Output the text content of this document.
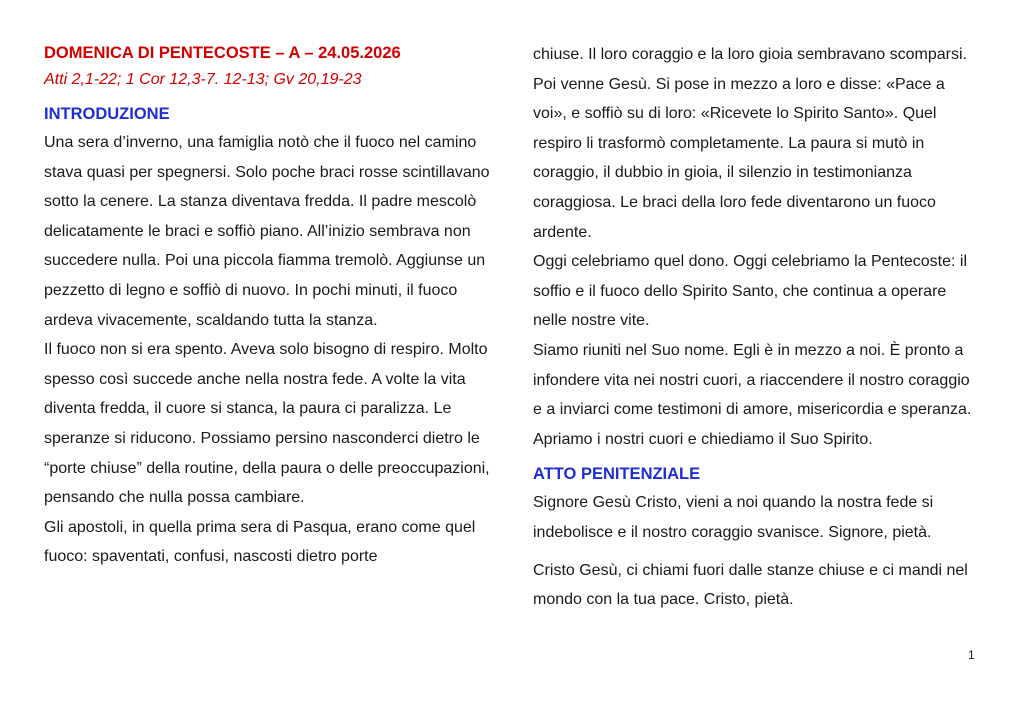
DOMENICA DI PENTECOSTE – A – 24.05.2026
Atti 2,1-22; 1 Cor 12,3-7. 12-13; Gv 20,19-23
INTRODUZIONE

Una sera d’inverno, una famiglia notò che il fuoco nel camino stava quasi per spegnersi. Solo poche braci rosse scintillavano sotto la cenere. La stanza diventava fredda. Il padre mescolò delicatamente le braci e soffiò piano. All’inizio sembrava non succedere nulla. Poi una piccola fiamma tremolò. Aggiunse un pezzetto di legno e soffiò di nuovo. In pochi minuti, il fuoco ardeva vivacemente, scaldando tutta la stanza.

Il fuoco non si era spento. Aveva solo bisogno di respiro. Molto spesso così succede anche nella nostra fede. A volte la vita diventa fredda, il cuore si stanca, la paura ci paralizza. Le speranze si riducono. Possiamo persino nasconderci dietro le “porte chiuse” della routine, della paura o delle preoccupazioni, pensando che nulla possa cambiare.

Gli apostoli, in quella prima sera di Pasqua, erano come quel fuoco: spaventati, confusi, nascosti dietro porte

chiuse. Il loro coraggio e la loro gioia sembravano scomparsi. Poi venne Gesù. Si pose in mezzo a loro e disse: «Pace a voi», e soffiò su di loro: «Ricevete lo Spirito Santo». Quel respiro li trasformò completamente. La paura si mutò in coraggio, il dubbio in gioia, il silenzio in testimonianza coraggiosa. Le braci della loro fede diventarono un fuoco ardente.

Oggi celebriamo quel dono. Oggi celebriamo la Pentecoste: il soffio e il fuoco dello Spirito Santo, che continua a operare nelle nostre vite.

Siamo riuniti nel Suo nome. Egli è in mezzo a noi. È pronto a infondere vita nei nostri cuori, a riaccendere il nostro coraggio e a inviarci come testimoni di amore, misericordia e speranza. Apriamo i nostri cuori e chiediamo il Suo Spirito.

ATTO PENITENZIALE

Signore Gesù Cristo, vieni a noi quando la nostra fede si indebolisce e il nostro coraggio svanisce. Signore, pietà.

Cristo Gesù, ci chiami fuori dalle stanze chiuse e ci mandi nel mondo con la tua pace. Cristo, pietà.

1
